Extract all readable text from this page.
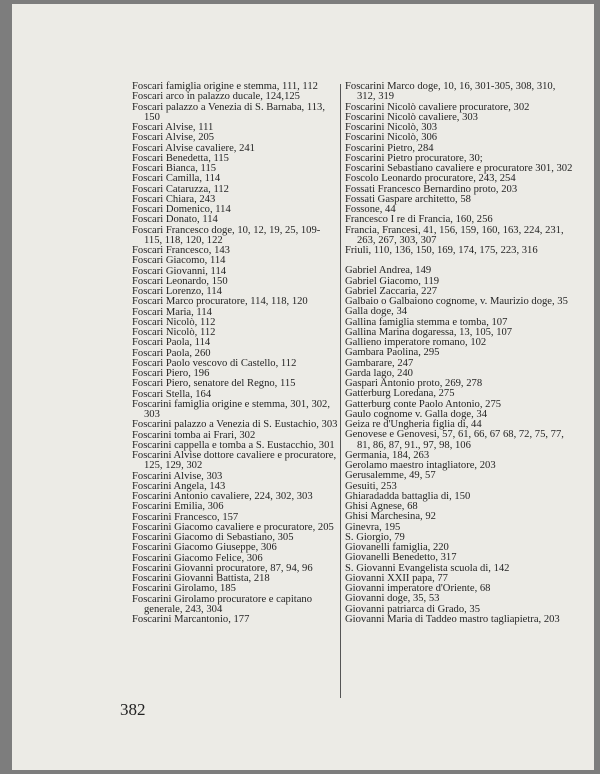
Foscari famiglia origine e stemma, 111, 112

Foscari arco in palazzo ducale, 124,125

Foscari palazzo a Venezia di S. Barnaba, 113, 150

Foscari Alvise, 111

Foscari Alvise, 205

Foscari Alvise cavaliere, 241

Foscari Benedetta, 115

Foscari Bianca, 115

Foscari Camilla, 114

Foscari Cataruzza, 112

Foscari Chiara, 243

Foscari Domenico, 114

Foscari Donato, 114

Foscari Francesco doge, 10, 12, 19, 25, 109-115, 118, 120, 122

Foscari Francesco, 143

Foscari Giacomo, 114

Foscari Giovanni, 114

Foscari Leonardo, 150

Foscari Lorenzo, 114

Foscari Marco procuratore, 114, 118, 120

Foscari Maria, 114

Foscari Nicolò, 112

Foscari Nicolò, 112

Foscari Paola, 114

Foscari Paola, 260

Foscari Paolo vescovo di Castello, 112

Foscari Piero, 196

Foscari Piero, senatore del Regno, 115

Foscari Stella, 164

Foscarini famiglia origine e stemma, 301, 302, 303

Foscarini palazzo a Venezia di S. Eustachio, 303

Foscarini tomba ai Frari, 302

Foscarini cappella e tomba a S. Eustacchio, 301

Foscarini Alvise dottore cavaliere e procuratore, 125, 129, 302

Foscarini Alvise, 303

Foscarini Angela, 143

Foscarini Antonio cavaliere, 224, 302, 303

Foscarini Emilia, 306

Foscarini Francesco, 157

Foscarini Giacomo cavaliere e procuratore, 205

Foscarini Giacomo di Sebastiano, 305

Foscarini Giacomo Giuseppe, 306

Foscarini Giacomo Felice, 306

Foscarini Giovanni procuratore, 87, 94, 96

Foscarini Giovanni Battista, 218

Foscarini Girolamo, 185

Foscarini Girolamo procuratore e capitano generale, 243, 304

Foscarini Marcantonio, 177

Foscarini Marco doge, 10, 16, 301-305, 308, 310, 312, 319

Foscarini Nicolò cavaliere procuratore, 302

Foscarini Nicolò cavaliere, 303

Foscarini Nicolò, 303

Foscarini Nicolò, 306

Foscarini Pietro, 284

Foscarini Pietro procuratore, 30;

Foscarini Sebastiano cavaliere e procuratore 301, 302

Foscolo Leonardo procuratore, 243, 254

Fossati Francesco Bernardino proto, 203

Fossati Gaspare architetto, 58

Fossone, 44

Francesco I re di Francia, 160, 256

Francia, Francesi, 41, 156, 159, 160, 163, 224, 231, 263, 267, 303, 307

Friuli, 110, 136, 150, 169, 174, 175, 223, 316

Gabriel Andrea, 149

Gabriel Giacomo, 119

Gabriel Zaccaria, 227

Galbaio o Galbaiono cognome, v. Maurizio doge, 35

Galla doge, 34

Gallina famiglia stemma e tomba, 107

Gallina Marina dogaressa, 13, 105, 107

Gallieno imperatore romano, 102

Gambara Paolina, 295

Gambarare, 247

Garda lago, 240

Gaspari Antonio proto, 269, 278

Gatterburg Loredana, 275

Gatterburg conte Paolo Antonio, 275

Gaulo cognome v. Galla doge, 34

Geiza re d'Ungheria figlia di, 44

Genovese e Genovesi, 57, 61, 66, 67 68, 72, 75, 77, 81, 86, 87, 91., 97, 98, 106

Germania, 184, 263

Gerolamo maestro intagliatore, 203

Gerusalemme, 49, 57

Gesuiti, 253

Ghiaradadda battaglia di, 150

Ghisi Agnese, 68

Ghisi Marchesina, 92

Ginevra, 195

S. Giorgio, 79

Giovanelli famiglia, 220

Giovanelli Benedetto, 317

S. Giovanni Evangelista scuola di, 142

Giovanni XXII papa, 77

Giovanni imperatore d'Oriente, 68

Giovanni doge, 35, 53

Giovanni patriarca di Grado, 35

Giovanni Maria di Taddeo mastro tagliapietra, 203

382
